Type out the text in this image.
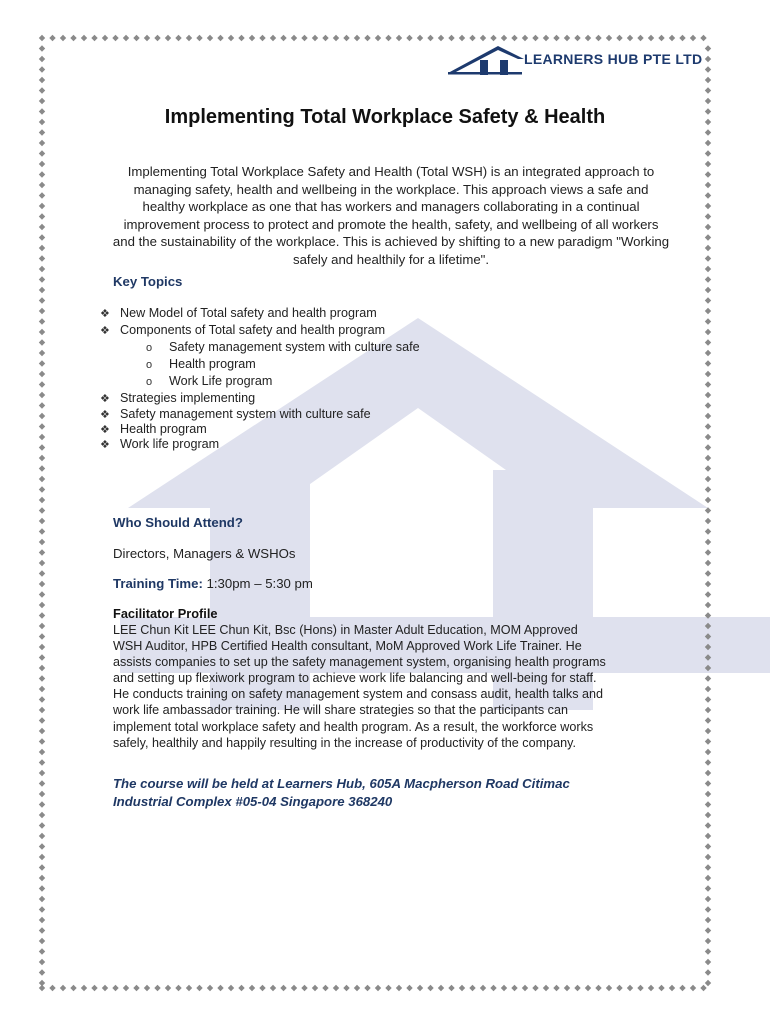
LEARNERS HUB PTE LTD
Implementing Total Workplace Safety & Health
Implementing Total Workplace Safety and Health (Total WSH) is an integrated approach to
managing safety, health and wellbeing in the workplace. This approach views a safe and
healthy workplace as one that has workers and managers collaborating in a continual
improvement process to protect and promote the health, safety, and wellbeing of all workers
and the sustainability of the workplace. This is achieved by shifting to a new paradigm "Working
safely and healthily for a lifetime".
Key Topics
❖ New Model of Total safety and health program
❖ Components of Total safety and health program
o Safety management system with culture safe
o Health program
o Work Life program
❖ Strategies implementing
❖ Safety management system with culture safe
❖ Health program
❖ Work life program
Who Should Attend?
Directors, Managers & WSHOs
Training Time: 1:30pm – 5:30 pm
Facilitator Profile
LEE Chun Kit LEE Chun Kit, Bsc (Hons) in Master Adult Education, MOM Approved
WSH Auditor, HPB Certified Health consultant, MoM Approved Work Life Trainer. He
assists companies to set up the safety management system, organising health programs
and setting up flexiwork program to achieve work life balancing and well-being for staff.
He conducts training on safety management system and consass audit, health talks and
work life ambassador training. He will share strategies so that the participants can
implement total workplace safety and health program. As a result, the workforce works
safely, healthily and happily resulting in the increase of productivity of the company.
The course will be held at Learners Hub, 605A Macpherson Road Citimac
Industrial Complex #05-04 Singapore 368240
